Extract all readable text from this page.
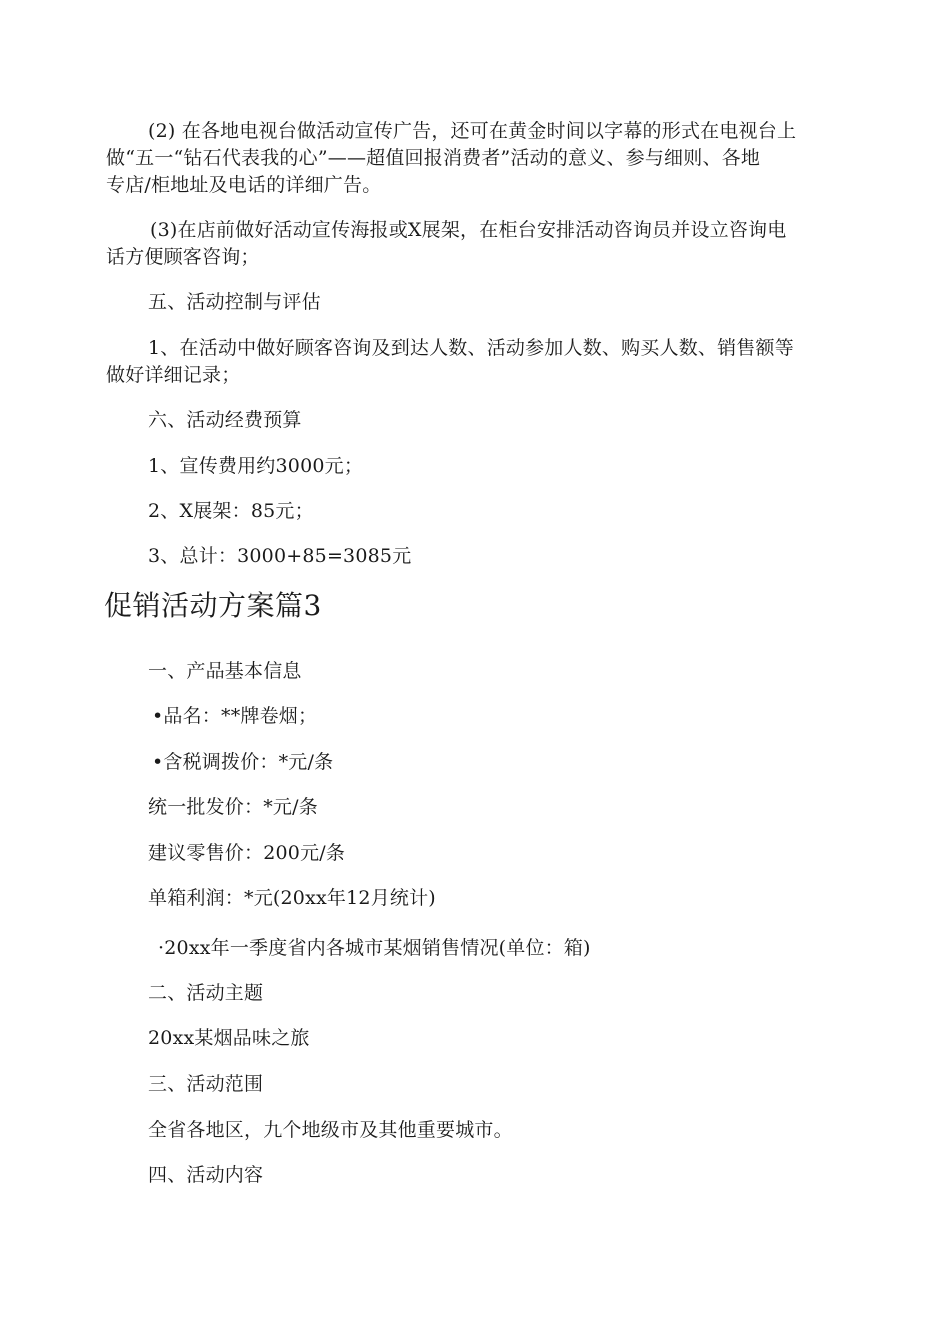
(2) 在各地电视台做活动宣传广告，还可在黄金时间以字幕的形式在电视台上

做“五一“钻石代表我的心”——超值回报消费者”活动的意义、参与细则、各地

专店/柜地址及电话的详细广告。

(3)在店前做好活动宣传海报或X展架，在柜台安排活动咨询员并设立咨询电

话方便顾客咨询；

五、活动控制与评估

1、在活动中做好顾客咨询及到达人数、活动参加人数、购买人数、销售额等

做好详细记录；

六、活动经费预算

1、宣传费用约3000元；

2、X展架：85元；

3、总计：3000+85=3085元

促销活动方案篇3

一、产品基本信息

•品名：**牌卷烟；

•含税调拨价：*元/条

统一批发价：*元/条

建议零售价：200元/条

单箱利润：*元(20xx年12月统计)

·20xx年一季度省内各城市某烟销售情况(单位：箱)

二、活动主题

20xx某烟品味之旅

三、活动范围

全省各地区，九个地级市及其他重要城市。

四、活动内容
